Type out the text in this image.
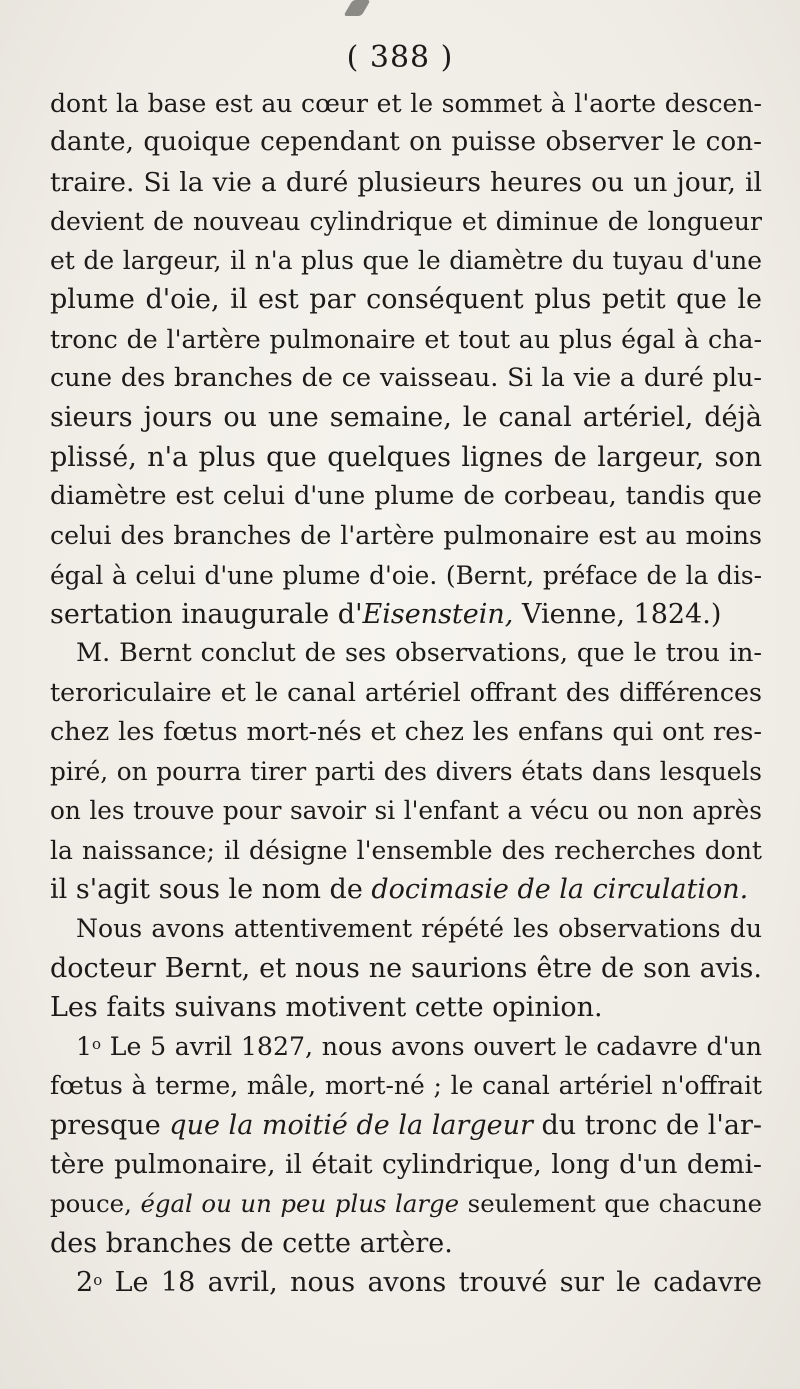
( 388 )
dont la base est au cœur et le sommet à l'aorte descen-
dante, quoique cependant on puisse observer le con-
traire. Si la vie a duré plusieurs heures ou un jour, il
devient de nouveau cylindrique et diminue de longueur
et de largeur, il n'a plus que le diamètre du tuyau d'une
plume d'oie, il est par conséquent plus petit que le
tronc de l'artère pulmonaire et tout au plus égal à cha-
cune des branches de ce vaisseau. Si la vie a duré plu-
sieurs jours ou une semaine, le canal artériel, déjà
plissé, n'a plus que quelques lignes de largeur, son
diamètre est celui d'une plume de corbeau, tandis que
celui des branches de l'artère pulmonaire est au moins
égal à celui d'une plume d'oie. (Bernt, préface de la dis-
sertation inaugurale d'Eisenstein, Vienne, 1824.)
M. Bernt conclut de ses observations, que le trou in-
teroriculaire et le canal artériel offrant des différences
chez les fœtus mort-nés et chez les enfans qui ont res-
piré, on pourra tirer parti des divers états dans lesquels
on les trouve pour savoir si l'enfant a vécu ou non après
la naissance; il désigne l'ensemble des recherches dont
il s'agit sous le nom de docimasie de la circulation.
Nous avons attentivement répété les observations du
docteur Bernt, et nous ne saurions être de son avis.
Les faits suivans motivent cette opinion.
1$^o$ Le 5 avril 1827, nous avons ouvert le cadavre d'un
fœtus à terme, mâle, mort-né ; le canal artériel n'offrait
presque que la moitié de la largeur du tronc de l'ar-
tère pulmonaire, il était cylindrique, long d'un demi-
pouce, égal ou un peu plus large seulement que chacune
des branches de cette artère.
2$^o$ Le 18 avril, nous avons trouvé sur le cadavre
